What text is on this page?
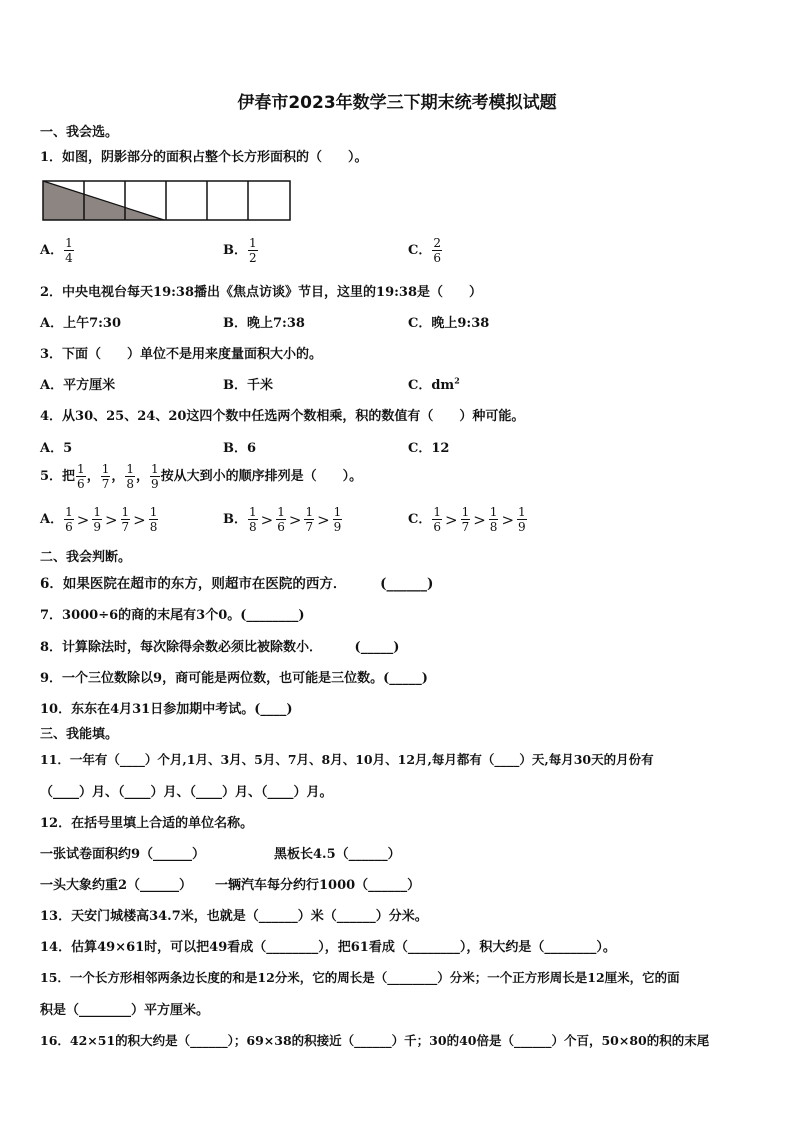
伊春市2023年数学三下期末统考模拟试题
一、我会选。
1．如图，阴影部分的面积占整个长方形面积的（　　）。
A． $\frac{1}{4}$	B． $\frac{1}{2}$	C． $\frac{2}{6}$
2．中央电视台每天19:38播出《焦点访谈》节目，这里的19:38是（　　）
A．上午7:30	B．晚上7:38	C．晚上9:38
3．下面（　　）单位不是用来度量面积大小的。
A．平方厘米	B．千米	C．$dm^2$
4．从30、25、24、20这四个数中任选两个数相乘，积的数值有（　　）种可能。
A．5	B．6	C．12
5．把 $\frac{1}{6}$ ， $\frac{1}{7}$ ， $\frac{1}{8}$ ， $\frac{1}{9}$ 按从大到小的顺序排列是（　　）。
A． $\frac{1}{6} > \frac{1}{9} > \frac{1}{7} > \frac{1}{8}$	B． $\frac{1}{8} > \frac{1}{6} > \frac{1}{7} > \frac{1}{9}$	C． $\frac{1}{6} > \frac{1}{7} > \frac{1}{8} > \frac{1}{9}$
二、我会判断。
6．如果医院在超市的东方，则超市在医院的西方．　　　(______)
7．3000÷6的商的末尾有3个0。(________)
8．计算除法时，每次除得余数必须比被除数小．　　　(_____)
9．一个三位数除以9，商可能是两位数，也可能是三位数。(_____)
10．东东在4月31日参加期中考试。(____)
三、我能填。
11．一年有（____）个月,1月、3月、5月、7月、8月、10月、12月,每月都有（____）天,每月30天的月份有
（____）月、（____）月、（____）月、（____）月。
12．在括号里填上合适的单位名称。
一张试卷面积约9（______）	黑板长4.5（______）
一头大象约重2（______） 一辆汽车每分约行1000（______）
13．天安门城楼高34.7米，也就是（______）米（______）分米。
14．估算49×61时，可以把49看成（________），把61看成（________），积大约是（________）。
15．一个长方形相邻两条边长度的和是12分米，它的周长是（________）分米；一个正方形周长是12厘米，它的面
积是（________）平方厘米。
16．42×51的积大约是（______）；69×38的积接近（______）千；30的40倍是（______）个百，50×80的积的末尾
